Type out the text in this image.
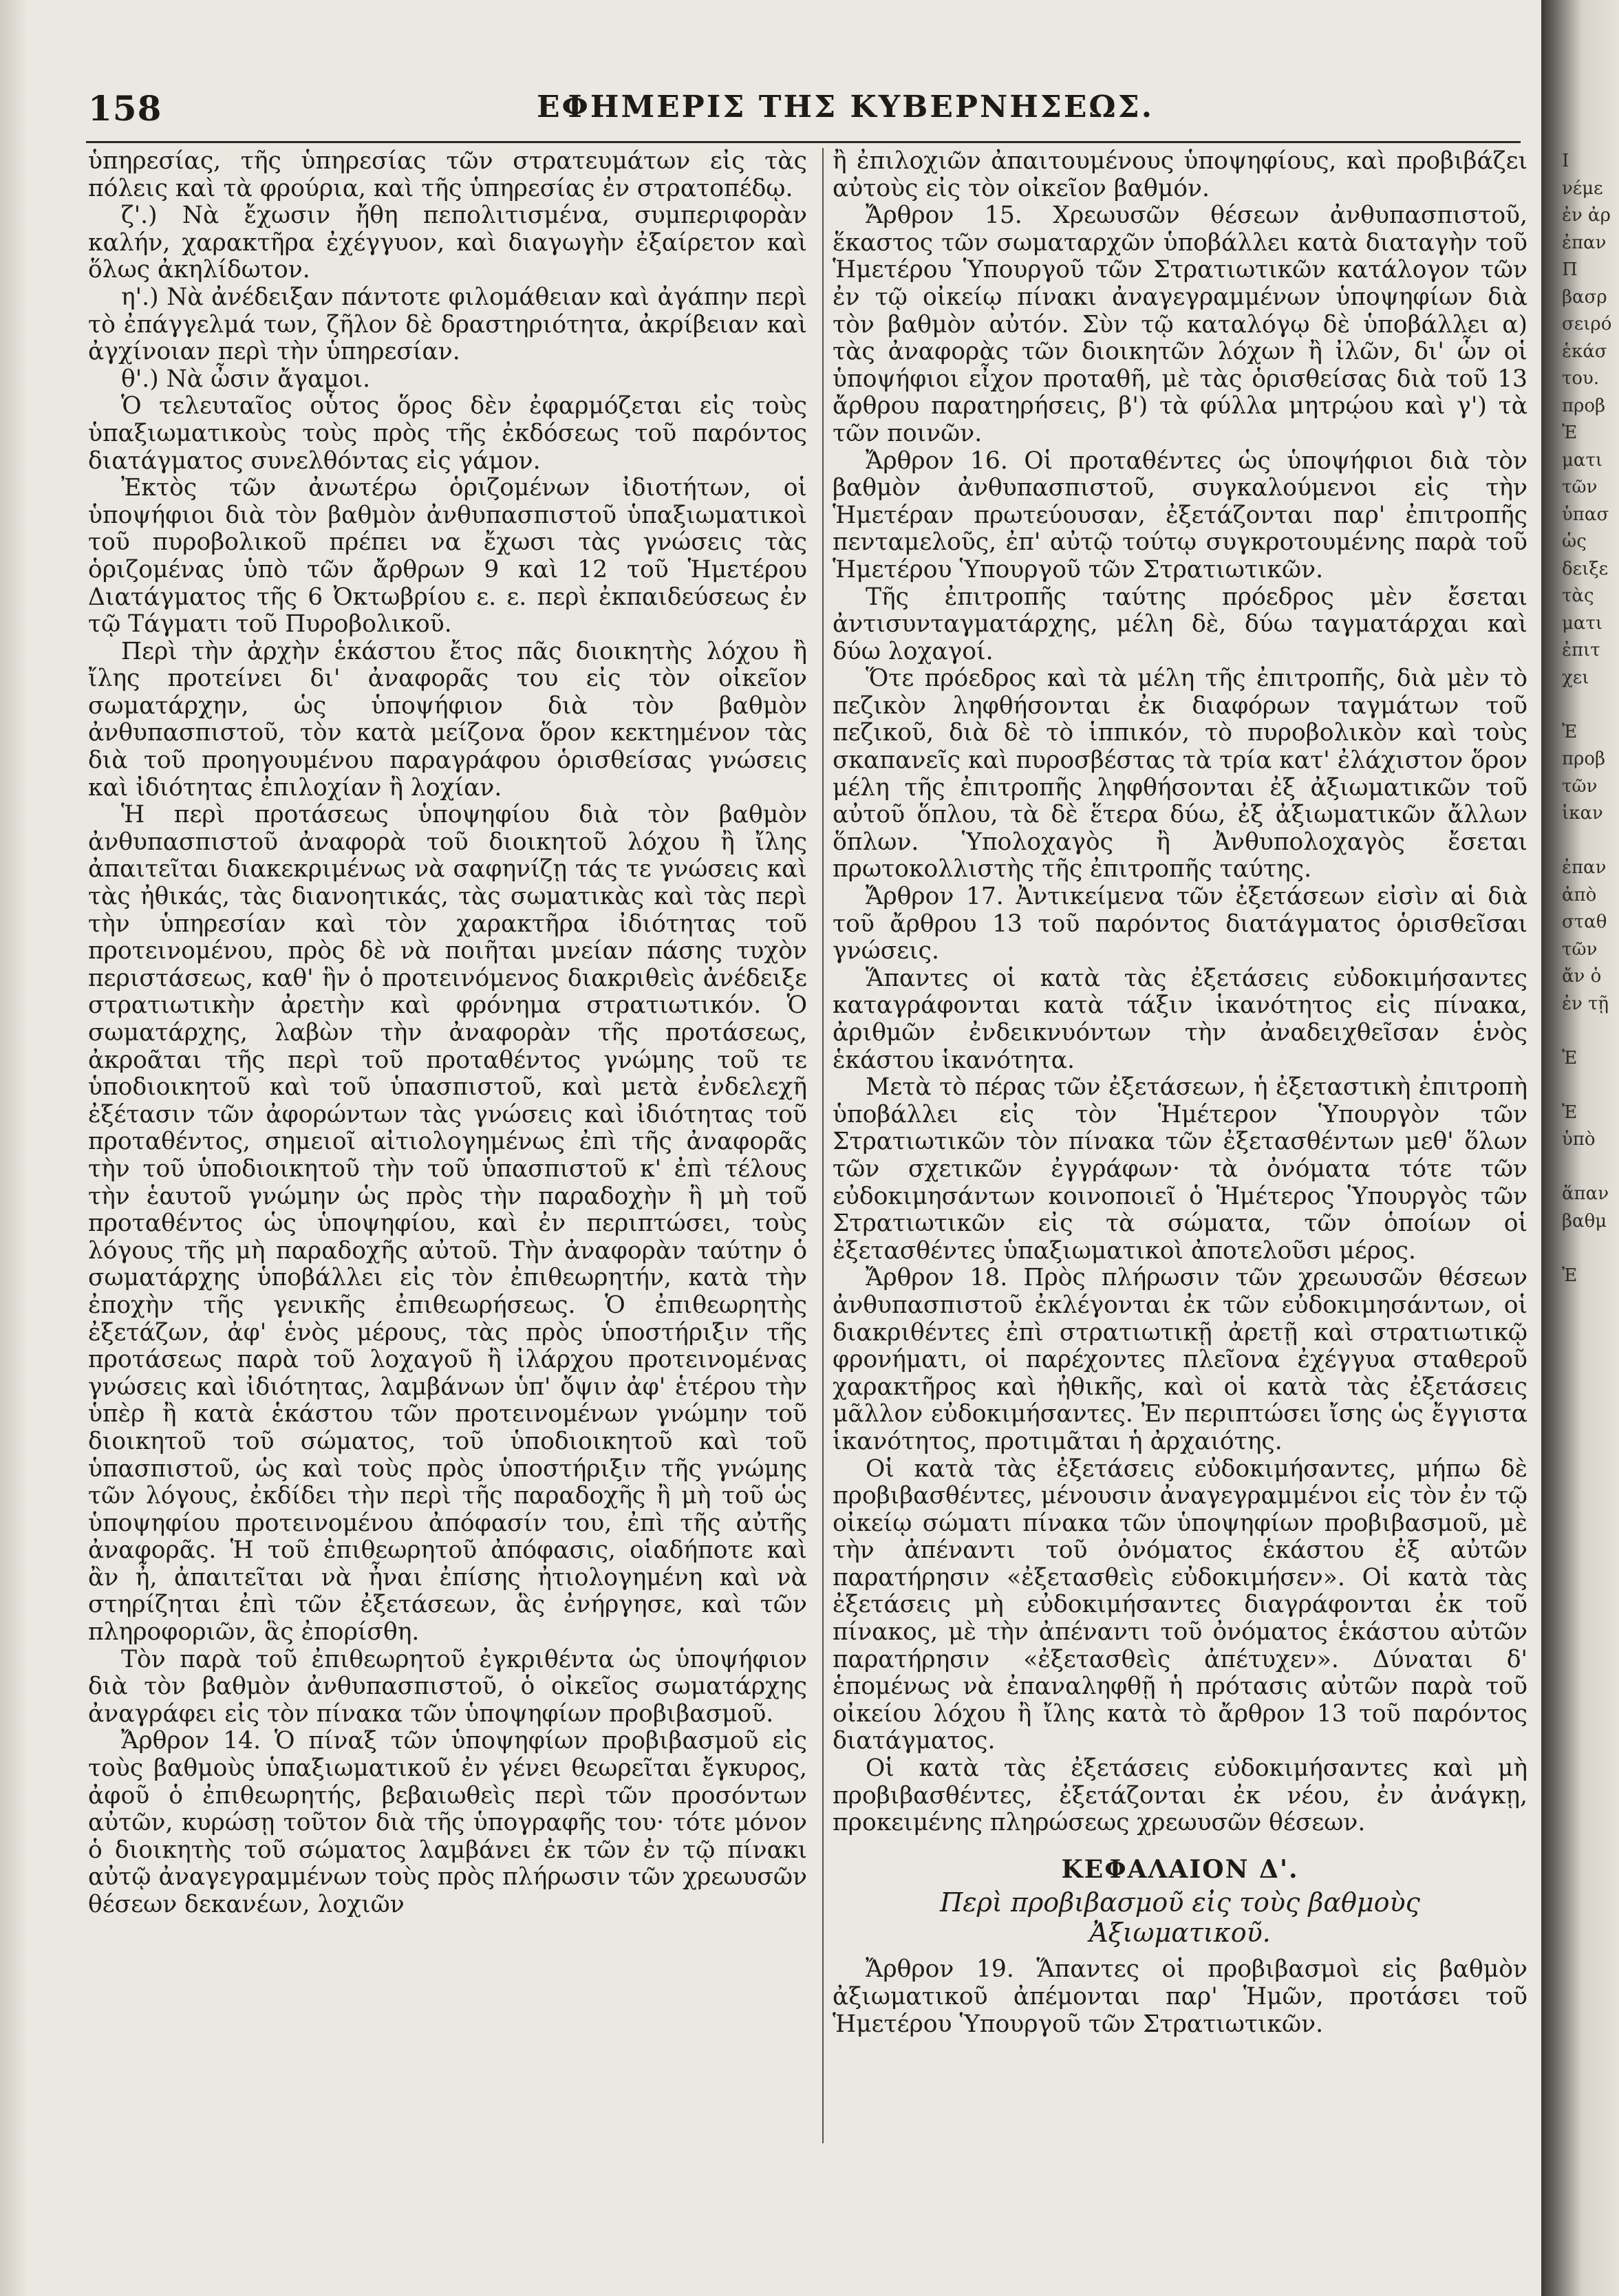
158	ΕΦΗΜΕΡΙΣ ΤΗΣ ΚΥΒΕΡΝΗΣΕΩΣ.

ὑπηρεσίας, τῆς ὑπηρεσίας τῶν στρατευμάτων εἰς τὰς πόλεις καὶ τὰ φρούρια, καὶ τῆς ὑπηρεσίας ἐν στρατοπέδῳ.

ζ'.) Νὰ ἔχωσιν ἤθη πεπολιτισμένα, συμπεριφορὰν καλήν, χαρακτῆρα ἐχέγγυον, καὶ διαγωγὴν ἐξαίρετον καὶ ὅλως ἀκηλίδωτον.

η'.) Νὰ ἀνέδειξαν πάντοτε φιλομάθειαν καὶ ἀγάπην περὶ τὸ ἐπάγγελμά των, ζῆλον δὲ δραστηριότητα, ἀκρίβειαν καὶ ἀγχίνοιαν περὶ τὴν ὑπηρεσίαν.

θ'.) Νὰ ὦσιν ἄγαμοι.

Ὁ τελευταῖος οὗτος ὅρος δὲν ἐφαρμόζεται εἰς τοὺς ὑπαξιωματικοὺς τοὺς πρὸς τῆς ἐκδόσεως τοῦ παρόντος διατάγματος συνελθόντας εἰς γάμον.

Ἐκτὸς τῶν ἀνωτέρω ὁριζομένων ἰδιοτήτων, οἱ ὑποψήφιοι διὰ τὸν βαθμὸν ἀνθυπασπιστοῦ ὑπαξιωματικοὶ τοῦ πυροβολικοῦ πρέπει να ἔχωσι τὰς γνώσεις τὰς ὁριζομένας ὑπὸ τῶν ἄρθρων 9 καὶ 12 τοῦ Ἡμετέρου Διατάγματος τῆς 6 Ὀκτωβρίου ε. ε. περὶ ἐκπαιδεύσεως ἐν τῷ Τάγματι τοῦ Πυροβολικοῦ.

Περὶ τὴν ἀρχὴν ἑκάστου ἔτος πᾶς διοικητὴς λόχου ἢ ἴλης προτείνει δι' ἀναφορᾶς του εἰς τὸν οἰκεῖον σωματάρχην, ὡς ὑποψήφιον διὰ τὸν βαθμὸν ἀνθυπασπιστοῦ, τὸν κατὰ μείζονα ὅρον κεκτημένον τὰς διὰ τοῦ προηγουμένου παραγράφου ὁρισθείσας γνώσεις καὶ ἰδιότητας ἐπιλοχίαν ἢ λοχίαν.

Ἡ περὶ προτάσεως ὑποψηφίου διὰ τὸν βαθμὸν ἀνθυπασπιστοῦ ἀναφορὰ τοῦ διοικητοῦ λόχου ἢ ἴλης ἀπαιτεῖται διακεκριμένως νὰ σαφηνίζῃ τάς τε γνώσεις καὶ τὰς ἠθικάς, τὰς διανοητικάς, τὰς σωματικὰς καὶ τὰς περὶ τὴν ὑπηρεσίαν καὶ τὸν χαρακτῆρα ἰδιότητας τοῦ προτεινομένου, πρὸς δὲ νὰ ποιῆται μνείαν πάσης τυχὸν περιστάσεως, καθ' ἣν ὁ προτεινόμενος διακριθεὶς ἀνέδειξε στρατιωτικὴν ἀρετὴν καὶ φρόνημα στρατιωτικόν. Ὁ σωματάρχης, λαβὼν τὴν ἀναφορὰν τῆς προτάσεως, ἀκροᾶται τῆς περὶ τοῦ προταθέντος γνώμης τοῦ τε ὑποδιοικητοῦ καὶ τοῦ ὑπασπιστοῦ, καὶ μετὰ ἐνδελεχῆ ἐξέτασιν τῶν ἀφορώντων τὰς γνώσεις καὶ ἰδιότητας τοῦ προταθέντος, σημειοῖ αἰτιολογημένως ἐπὶ τῆς ἀναφορᾶς τὴν τοῦ ὑποδιοικητοῦ τὴν τοῦ ὑπασπιστοῦ κ' ἐπὶ τέλους τὴν ἑαυτοῦ γνώμην ὡς πρὸς τὴν παραδοχὴν ἢ μὴ τοῦ προταθέντος ὡς ὑποψηφίου, καὶ ἐν περιπτώσει, τοὺς λόγους τῆς μὴ παραδοχῆς αὐτοῦ. Τὴν ἀναφορὰν ταύτην ὁ σωματάρχης ὑποβάλλει εἰς τὸν ἐπιθεωρητήν, κατὰ τὴν ἐποχὴν τῆς γενικῆς ἐπιθεωρήσεως. Ὁ ἐπιθεωρητὴς ἐξετάζων, ἀφ' ἑνὸς μέρους, τὰς πρὸς ὑποστήριξιν τῆς προτάσεως παρὰ τοῦ λοχαγοῦ ἢ ἰλάρχου προτεινομένας γνώσεις καὶ ἰδιότητας, λαμβάνων ὑπ' ὄψιν ἀφ' ἑτέρου τὴν ὑπὲρ ἢ κατὰ ἑκάστου τῶν προτεινομένων γνώμην τοῦ διοικητοῦ τοῦ σώματος, τοῦ ὑποδιοικητοῦ καὶ τοῦ ὑπασπιστοῦ, ὡς καὶ τοὺς πρὸς ὑποστήριξιν τῆς γνώμης τῶν λόγους, ἐκδίδει τὴν περὶ τῆς παραδοχῆς ἢ μὴ τοῦ ὡς ὑποψηφίου προτεινομένου ἀπόφασίν του, ἐπὶ τῆς αὐτῆς ἀναφορᾶς. Ἡ τοῦ ἐπιθεωρητοῦ ἀπόφασις, οἱαδήποτε καὶ ἂν ἦ, ἀπαιτεῖται νὰ ἦναι ἐπίσης ἠτιολογημένη καὶ νὰ στηρίζηται ἐπὶ τῶν ἐξετάσεων, ἃς ἐνήργησε, καὶ τῶν πληροφοριῶν, ἃς ἐπορίσθη.

Τὸν παρὰ τοῦ ἐπιθεωρητοῦ ἐγκριθέντα ὡς ὑποψήφιον διὰ τὸν βαθμὸν ἀνθυπασπιστοῦ, ὁ οἰκεῖος σωματάρχης ἀναγράφει εἰς τὸν πίνακα τῶν ὑποψηφίων προβιβασμοῦ.

Ἄρθρον 14. Ὁ πίναξ τῶν ὑποψηφίων προβιβασμοῦ εἰς τοὺς βαθμοὺς ὑπαξιωματικοῦ ἐν γένει θεωρεῖται ἔγκυρος, ἀφοῦ ὁ ἐπιθεωρητής, βεβαιωθεὶς περὶ τῶν προσόντων αὐτῶν, κυρώσῃ τοῦτον διὰ τῆς ὑπογραφῆς του· τότε μόνον ὁ διοικητὴς τοῦ σώματος λαμβάνει ἐκ τῶν ἐν τῷ πίνακι αὐτῷ ἀναγεγραμμένων τοὺς πρὸς πλήρωσιν τῶν χρεωυσῶν θέσεων δεκανέων, λοχιῶν

ἢ ἐπιλοχιῶν ἀπαιτουμένους ὑποψηφίους, καὶ προβιβάζει αὐτοὺς εἰς τὸν οἰκεῖον βαθμόν.

Ἄρθρον 15. Χρεωυσῶν θέσεων ἀνθυπασπιστοῦ, ἕκαστος τῶν σωματαρχῶν ὑποβάλλει κατὰ διαταγὴν τοῦ Ἡμετέρου Ὑπουργοῦ τῶν Στρατιωτικῶν κατάλογον τῶν ἐν τῷ οἰκείῳ πίνακι ἀναγεγραμμένων ὑποψηφίων διὰ τὸν βαθμὸν αὐτόν. Σὺν τῷ καταλόγῳ δὲ ὑποβάλλει α) τὰς ἀναφορὰς τῶν διοικητῶν λόχων ἢ ἰλῶν, δι' ὧν οἱ ὑποψήφιοι εἶχον προταθῆ, μὲ τὰς ὁρισθείσας διὰ τοῦ 13 ἄρθρου παρατηρήσεις, β') τὰ φύλλα μητρῴου καὶ γ') τὰ τῶν ποινῶν.

Ἄρθρον 16. Οἱ προταθέντες ὡς ὑποψήφιοι διὰ τὸν βαθμὸν ἀνθυπασπιστοῦ, συγκαλούμενοι εἰς τὴν Ἡμετέραν πρωτεύουσαν, ἐξετάζονται παρ' ἐπιτροπῆς πενταμελοῦς, ἐπ' αὐτῷ τούτῳ συγκροτουμένης παρὰ τοῦ Ἡμετέρου Ὑπουργοῦ τῶν Στρατιωτικῶν.

Τῆς ἐπιτροπῆς ταύτης πρόεδρος μὲν ἔσεται ἀντισυνταγματάρχης, μέλη δὲ, δύω ταγματάρχαι καὶ δύω λοχαγοί.

Ὅτε πρόεδρος καὶ τὰ μέλη τῆς ἐπιτροπῆς, διὰ μὲν τὸ πεζικὸν ληφθήσονται ἐκ διαφόρων ταγμάτων τοῦ πεζικοῦ, διὰ δὲ τὸ ἱππικόν, τὸ πυροβολικὸν καὶ τοὺς σκαπανεῖς καὶ πυροσβέστας τὰ τρία κατ' ἐλάχιστον ὅρον μέλη τῆς ἐπιτροπῆς ληφθήσονται ἐξ ἀξιωματικῶν τοῦ αὐτοῦ ὅπλου, τὰ δὲ ἕτερα δύω, ἐξ ἀξιωματικῶν ἄλλων ὅπλων. Ὑπολοχαγὸς ἢ Ἀνθυπολοχαγὸς ἔσεται πρωτοκολλιστὴς τῆς ἐπιτροπῆς ταύτης.

Ἄρθρον 17. Ἀντικείμενα τῶν ἐξετάσεων εἰσὶν αἱ διὰ τοῦ ἄρθρου 13 τοῦ παρόντος διατάγματος ὁρισθεῖσαι γνώσεις.

Ἅπαντες οἱ κατὰ τὰς ἐξετάσεις εὐδοκιμήσαντες καταγράφονται κατὰ τάξιν ἱκανότητος εἰς πίνακα, ἀριθμῶν ἐνδεικνυόντων τὴν ἀναδειχθεῖσαν ἑνὸς ἑκάστου ἱκανότητα.

Μετὰ τὸ πέρας τῶν ἐξετάσεων, ἡ ἐξεταστικὴ ἐπιτροπὴ ὑποβάλλει εἰς τὸν Ἡμέτερον Ὑπουργὸν τῶν Στρατιωτικῶν τὸν πίνακα τῶν ἐξετασθέντων μεθ' ὅλων τῶν σχετικῶν ἐγγράφων· τὰ ὀνόματα τότε τῶν εὐδοκιμησάντων κοινοποιεῖ ὁ Ἡμέτερος Ὑπουργὸς τῶν Στρατιωτικῶν εἰς τὰ σώματα, τῶν ὁποίων οἱ ἐξετασθέντες ὑπαξιωματικοὶ ἀποτελοῦσι μέρος.

Ἄρθρον 18. Πρὸς πλήρωσιν τῶν χρεωυσῶν θέσεων ἀνθυπασπιστοῦ ἐκλέγονται ἐκ τῶν εὐδοκιμησάντων, οἱ διακριθέντες ἐπὶ στρατιωτικῇ ἀρετῇ καὶ στρατιωτικῷ φρονήματι, οἱ παρέχοντες πλεῖονα ἐχέγγυα σταθεροῦ χαρακτῆρος καὶ ἠθικῆς, καὶ οἱ κατὰ τὰς ἐξετάσεις μᾶλλον εὐδοκιμήσαντες. Ἐν περιπτώσει ἴσης ὡς ἔγγιστα ἱκανότητος, προτιμᾶται ἡ ἀρχαιότης.

Οἱ κατὰ τὰς ἐξετάσεις εὐδοκιμήσαντες, μήπω δὲ προβιβασθέντες, μένουσιν ἀναγεγραμμένοι εἰς τὸν ἐν τῷ οἰκείῳ σώματι πίνακα τῶν ὑποψηφίων προβιβασμοῦ, μὲ τὴν ἀπέναντι τοῦ ὀνόματος ἑκάστου ἐξ αὐτῶν παρατήρησιν «ἐξετασθεὶς εὐδοκιμήσεν». Οἱ κατὰ τὰς ἐξετάσεις μὴ εὐδοκιμήσαντες διαγράφονται ἐκ τοῦ πίνακος, μὲ τὴν ἀπέναντι τοῦ ὀνόματος ἑκάστου αὐτῶν παρατήρησιν «ἐξετασθεὶς ἀπέτυχεν». Δύναται δ' ἑπομένως νὰ ἐπαναληφθῇ ἡ πρότασις αὐτῶν παρὰ τοῦ οἰκείου λόχου ἢ ἴλης κατὰ τὸ ἄρθρον 13 τοῦ παρόντος διατάγματος.

Οἱ κατὰ τὰς ἐξετάσεις εὐδοκιμήσαντες καὶ μὴ προβιβασθέντες, ἐξετάζονται ἐκ νέου, ἐν ἀνάγκῃ, προκειμένης πληρώσεως χρεωυσῶν θέσεων.

ΚΕΦΑΛΑΙΟΝ Δ'.
Περὶ προβιβασμοῦ εἰς τοὺς βαθμοὺς Ἀξιωματικοῦ.

Ἄρθρον 19. Ἅπαντες οἱ προβιβασμοὶ εἰς βαθμὸν ἀξιωματικοῦ ἀπέμονται παρ' Ἡμῶν, προτάσει τοῦ Ἡμετέρου Ὑπουργοῦ τῶν Στρατιωτικῶν.

Ι
νέμε
ἐν ἀρ
ἐπαν
Π
βασρ
σειρό
ἑκάσ
του.
προβ
Ἐ
ματι
τῶν
ὑπασ
ὡς
δειξε
τὰς
ματι
ἐπιτ
χει
Ἐ
προβ
τῶν
ἱκαν
ἐπαν
ἀπὸ
σταθ
τῶν
ἄν ὁ
ἐν τῇ
Ἐ
Ἐ
ὑπὸ
ἅπαν
βαθμ
Ἐ
